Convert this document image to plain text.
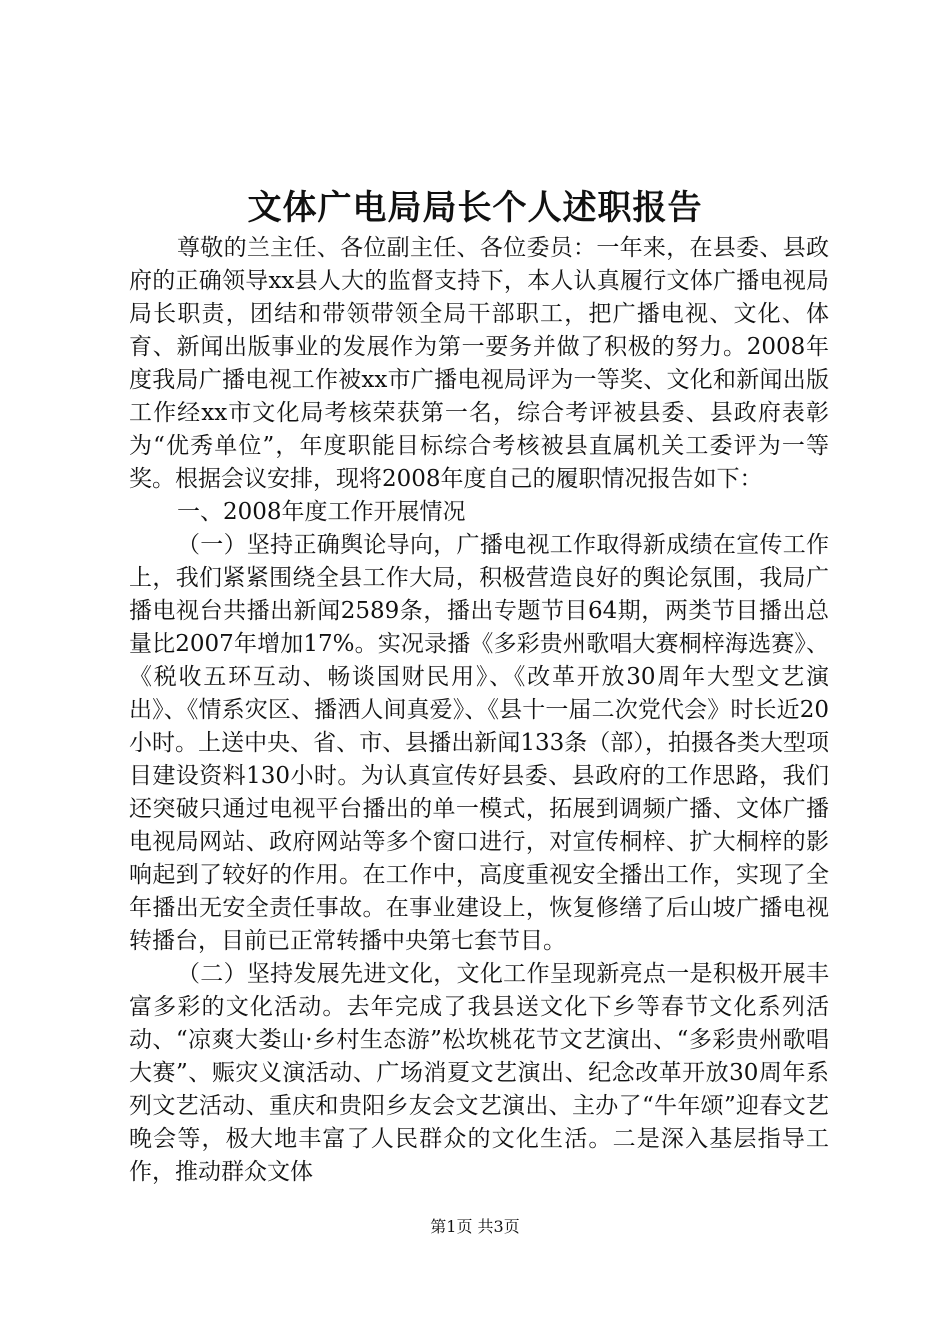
文体广电局局长个人述职报告

尊敬的兰主任、各位副主任、各位委员：一年来，在县委、县政府的正确领导xx县人大的监督支持下，本人认真履行文体广播电视局局长职责，团结和带领带领全局干部职工，把广播电视、文化、体育、新闻出版事业的发展作为第一要务并做了积极的努力。2008年度我局广播电视工作被xx市广播电视局评为一等奖、文化和新闻出版工作经xx市文化局考核荣获第一名，综合考评被县委、县政府表彰为“优秀单位”，年度职能目标综合考核被县直属机关工委评为一等奖。根据会议安排，现将2008年度自己的履职情况报告如下：

一、2008年度工作开展情况

（一）坚持正确舆论导向，广播电视工作取得新成绩在宣传工作上，我们紧紧围绕全县工作大局，积极营造良好的舆论氛围，我局广播电视台共播出新闻2589条，播出专题节目64期，两类节目播出总量比2007年增加17%。实况录播《多彩贵州歌唱大赛桐梓海选赛》、《税收五环互动、畅谈国财民用》、《改革开放30周年大型文艺演出》、《情系灾区、播洒人间真爱》、《县十一届二次党代会》时长近20小时。上送中央、省、市、县播出新闻133条（部），拍摄各类大型项目建设资料130小时。为认真宣传好县委、县政府的工作思路，我们还突破只通过电视平台播出的单一模式，拓展到调频广播、文体广播电视局网站、政府网站等多个窗口进行，对宣传桐梓、扩大桐梓的影响起到了较好的作用。在工作中，高度重视安全播出工作，实现了全年播出无安全责任事故。在事业建设上，恢复修缮了后山坡广播电视转播台，目前已正常转播中央第七套节目。

（二）坚持发展先进文化，文化工作呈现新亮点一是积极开展丰富多彩的文化活动。去年完成了我县送文化下乡等春节文化系列活动、“凉爽大娄山·乡村生态游”松坎桃花节文艺演出、“多彩贵州歌唱大赛”、赈灾义演活动、广场消夏文艺演出、纪念改革开放30周年系列文艺活动、重庆和贵阳乡友会文艺演出、主办了“牛年颂”迎春文艺晚会等，极大地丰富了人民群众的文化生活。二是深入基层指导工作，推动群众文体

第1页 共3页
